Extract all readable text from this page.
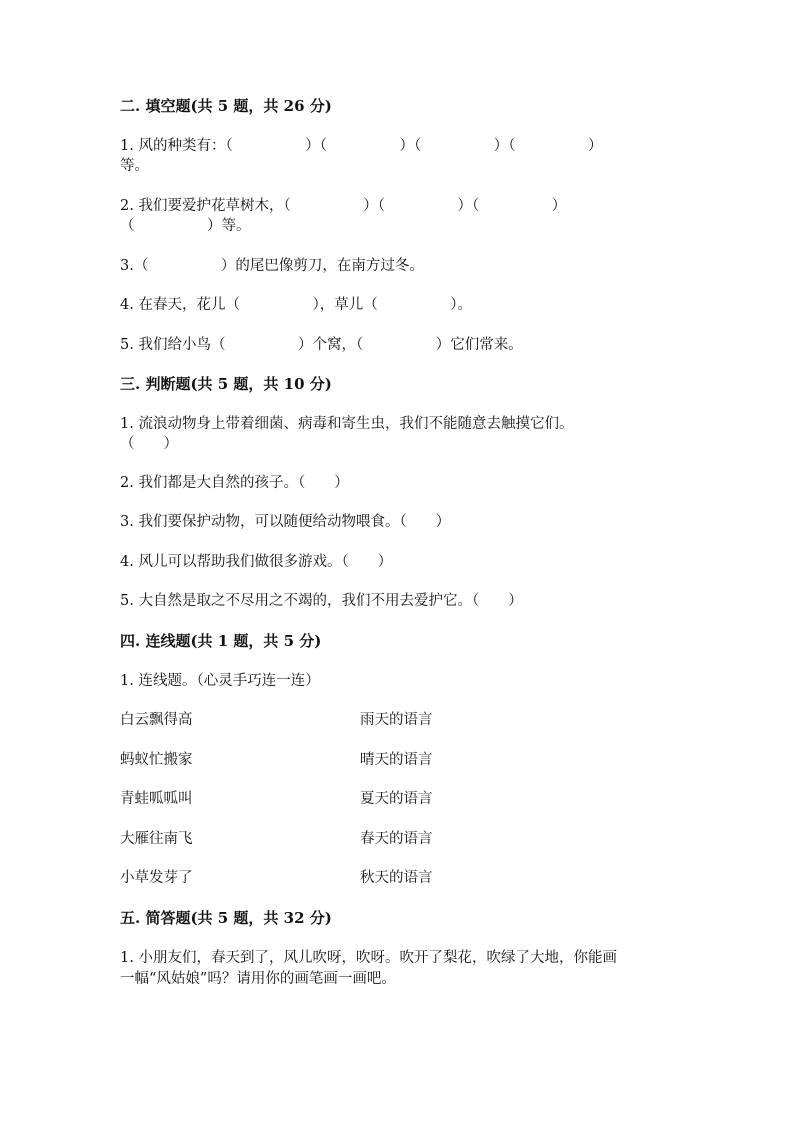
二. 填空题(共 5 题，共 26 分)
1. 风的种类有：（　　　　　）（　　　　　）（　　　　　）（　　　　　）
等。
2. 我们要爱护花草树木，（　　　　　）（　　　　　）（　　　　　）
（　　　　　）等。
3.（　　　　　）的尾巴像剪刀，在南方过冬。
4. 在春天，花儿（　　　　　），草儿（　　　　　）。
5. 我们给小鸟（　　　　　）个窝，（　　　　　）它们常来。
三. 判断题(共 5 题，共 10 分)
1. 流浪动物身上带着细菌、病毒和寄生虫，我们不能随意去触摸它们。
（　　）
2. 我们都是大自然的孩子。（　　）
3. 我们要保护动物，可以随便给动物喂食。（　　）
4. 风儿可以帮助我们做很多游戏。（　　）
5. 大自然是取之不尽用之不竭的，我们不用去爱护它。（　　）
四. 连线题(共 1 题，共 5 分)
1. 连线题。（心灵手巧连一连）
白云飘得高	雨天的语言
蚂蚁忙搬家	晴天的语言
青蛙呱呱叫	夏天的语言
大雁往南飞	春天的语言
小草发芽了	秋天的语言
五. 简答题(共 5 题，共 32 分)
1. 小朋友们，春天到了，风儿吹呀，吹呀。吹开了梨花，吹绿了大地，你能画
一幅“风姑娘”吗？请用你的画笔画一画吧。
